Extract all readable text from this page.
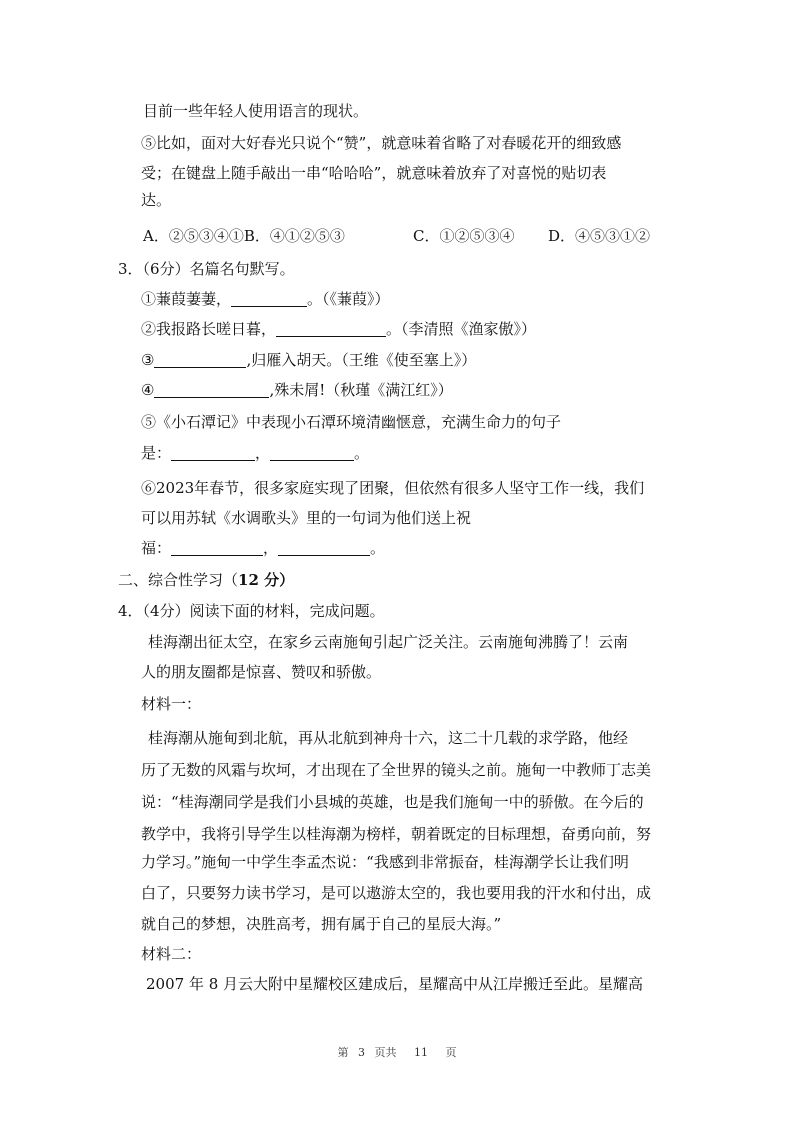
目前一些年轻人使用语言的现状。
⑤比如，面对大好春光只说个“赞”，就意味着省略了对春暖花开的细致感
受；在键盘上随手敲出一串“哈哈哈”，就意味着放弃了对喜悦的贴切表
达。
A．②⑤③④①B．④①②⑤③	C．①②⑤③④ D．④⑤③①②
3．（6分）名篇名句默写。
①蒹葭萋萋，	。（《蒹葭》）
②我报路长嗟日暮，	。（李清照《渔家傲》）
③	,归雁入胡天。（王维《使至塞上》）
④	,殊未屑!（秋瑾《满江红》）
⑤《小石潭记》中表现小石潭环境清幽惬意，充满生命力的句子
是：	，	。
⑥2023年春节，很多家庭实现了团聚，但依然有很多人坚守工作一线，我们
可以用苏轼《水调歌头》里的一句词为他们送上祝
福：	，	。
二、综合性学习（12 分）
4．（4分）阅读下面的材料，完成问题。
桂海潮出征太空，在家乡云南施甸引起广泛关注。云南施甸沸腾了！云南
人的朋友圈都是惊喜、赞叹和骄傲。
材料一：
桂海潮从施甸到北航，再从北航到神舟十六，这二十几载的求学路，他经
历了无数的风霜与坎坷，才出现在了全世界的镜头之前。施甸一中教师丁志美
说：“桂海潮同学是我们小县城的英雄，也是我们施甸一中的骄傲。在今后的
教学中，我将引导学生以桂海潮为榜样，朝着既定的目标理想，奋勇向前，努
力学习。”施甸一中学生李孟杰说：“我感到非常振奋，桂海潮学长让我们明
白了，只要努力读书学习，是可以遨游太空的，我也要用我的汗水和付出，成
就自己的梦想，决胜高考，拥有属于自己的星辰大海。”
材料二：
2007 年 8 月云大附中星耀校区建成后，星耀高中从江岸搬迁至此。星耀高
第 3 页共 11 页
